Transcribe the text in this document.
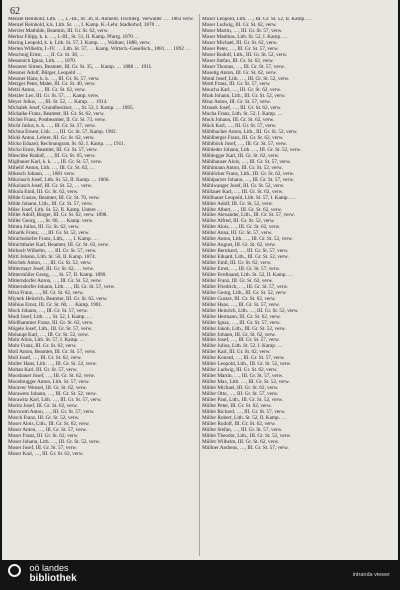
62
Menzel Reinhold, Lith. …, L.-III., St. 36, II. Anmeld. Tischlerg. Verwalter …. 1863 verw.
Menzel Reinhold, k.k. Lith. St. …, I. Kamp. K.-Lehr. Stadlerhof, 1870 …
Mercier Mathilde, Beamtin, III. Gr. St. 62, verw.
Merhar Filipp, k. k. …, I.-III., St. 51, II. Kamp. Pfarrg. 1870 …
Mering Leopold, k. k. Lith. St. 57, I. Kamp. …, Wallner, 1888, verw.
Merten Wilhelm, I.-IV. … Lith. St. 57, … Kamp. Wirtsch.-Gesellsch., 1881, … 1892 …
Meschnig Ernst, …, II. Gr. St. 38, …
Messenich Ignaz, Lith. …, 1870.
Messerer Simon, Beamter, III. Gr. St. 35, … Kamp. … 1888 … 1911.
Messner Adolf, Bürger, Leopold …
Messner Hans, k. k. …, III. Gr. St. 57, verw.
Metzger Peter, Maler, III. Gr. St. 40, verw.
Metzl Anton, …, III. Gr. St. 62, verw.
Metzler Leo, III. Gr. St. 57, … Kamp. verw.
Meyer Julius, …, III. St. 52, … Kamp. … 1914.
Michalek Josef, Grundbesitzer, …, St. 52, I. Kamp. … 1895.
Michalke Franz, Beamter, III. Gr. St. 62, verw.
Michel Franz, Postbeamter, II. Gr. St. 73, verw.
Michl Julius, k. k. …, III. Gr. St. 57, verw.
Michna Ernest, Lith. …, III. Gr. St. 57, Kamp. 1902.
Mickl Anton, Lehrer, III. Gr. St. 62, verw.
Micko Eduard, Rechnungsrat, St. 62, I. Kamp. …, 1911.
Micko Ernst, Beamter, III. Gr. St. 57, verw.
Mieschke Rudolf, …, III. Gr. St. 65, verw.
Miglbauer Karl, k. k. …, III. Gr. St. 57, verw.
Mihelič Anton, Lith. …, III. Gr. St. 62, …
Mikesch Johann, …, 1881 verw.
Mikolasch Josef, Lith. St. 52, II. Kamp. … 1866.
Mikolasch Josef, III. Gr. St. 52, … verw.
Mikula Emil, III. Gr. St. 62, verw.
Milde Gustav, Beamter, III. Gr. St. 70, verw.
Milde Johann, Lith., III. Gr. St. 57, verw.
Milec Josef, Lith. St. 52, II. Kamp. Untere …
Miller Adolf, Bürger, III. Gr. St. 62, verw. 1898.
Miller Georg, …, St. 60, … Kamp. verw.
Mimra Julius, III. Gr. St. 62, verw.
Minarik Franz, …, III. Gr. St. 52, verw.
Minichsdorfer Franz, Lith., …, I. Kamp. …
Minichthaler Karl, Beamter, III. Gr. St. 62, verw.
Mirbach Wilhelm, …, III. Gr. St. 57, verw.
Mirtl Johann, Lith. St. 50, II. Kamp. 1874.
Mischek Anton, …, III. Gr. St. 52, verw.
Mittermayr Josef, III. Gr. St. 62, … verw.
Mittermüller Georg, …, St. 57, II. Kamp. 1890.
Mitterndorfer Anton, …, III. Gr. St. 52, verw.
Mitterndorfer Johann, Lith. …, III. Gr. St. 57, verw.
Mixa Franz, …, III. Gr. St. 62, verw.
Mlynek Heinrich, Beamter, III. Gr. St. 62, verw.
Möbius Ernst, III. Gr. St. 60, … Kamp. 1901.
Mock Johann, …, III. Gr. St. 57, verw.
Modl Josef, Lith. …, St. 52, I. Kamp. …
Mödlhammer Franz, III. Gr. St. 62, verw.
Mögele Josef, Lith., III. Gr. St. 57, verw.
Mohaupt Karl, …, III. Gr. St. 52, verw.
Mohr Alois, Lith. St. 57, I. Kamp. …
Mohr Franz, III. Gr. St. 62, verw.
Moll Anton, Beamter, III. Gr. St. 57, verw.
Moll Josef, …, III. Gr. St. 62, verw.
Moller Hans, Lith. …, III. Gr. St. 52, verw.
Moltan Karl, III. Gr. St. 57, verw.
Moosbauer Josef, …, III. Gr. St. 62, verw.
Moosbrugger Anton, Lith. St. 57, verw.
Moravec Wenzel, III. Gr. St. 62, verw.
Morawetz Johann, …, III. Gr. St. 52, verw.
Morawitz Karl, Lith. …, III. Gr. St. 57, verw.
Moritz Josef, III. Gr. St. 62, verw.
Morocutti Anton, …, III. Gr. St. 57, verw.
Mosch Franz, III. Gr. St. 52, verw.
Moser Alois, Lith., III. Gr. St. 62, verw.
Moser Anton, …, III. Gr. St. 57, verw.
Moser Franz, III. Gr. St. 62, verw.
Moser Johann, Lith. …, III. Gr. St. 52, verw.
Moser Josef, III. Gr. St. 57, verw.
Moser Karl, …, III. Gr. St. 62, verw.
Moser Leopold, Lith. …, III. Gr. St. 52, II. Kamp. …
Moser Ludwig, III. Gr. St. 62, verw.
Moser Martin, …, III. Gr. St. 57, verw.
Moser Matthias, Lith. St. 52, I. Kamp. …
Moser Michael, III. Gr. St. 62, verw.
Moser Peter, …, III. Gr. St. 57, verw.
Moser Rudolf, Lith., III. Gr. St. 52, verw.
Moser Stefan, III. Gr. St. 62, verw.
Moser Thomas, …, III. Gr. St. 57, verw.
Mosetig Anton, III. Gr. St. 62, verw.
Motal Josef, Lith. …, III. Gr. St. 52, verw.
Mottl Franz, III. Gr. St. 57, verw.
Moucha Karl, …, III. Gr. St. 62, verw.
Mrak Johann, Lith., III. Gr. St. 52, verw.
Mraz Anton, III. Gr. St. 57, verw.
Mrazek Josef, …, III. Gr. St. 62, verw.
Mucha Franz, Lith. St. 52, I. Kamp. …
Muck Johann, III. Gr. St. 62, verw.
Mück Karl, …, III. Gr. St. 57, verw.
Mühlbacher Anton, Lith., III. Gr. St. 52, verw.
Mühlberger Franz, III. Gr. St. 62, verw.
Mühlböck Josef, …, III. Gr. St. 57, verw.
Mühleder Johann, Lith. …, III. Gr. St. 52, verw.
Mühlegger Karl, III. Gr. St. 62, verw.
Mühlhauser Alois, …, III. Gr. St. 57, verw.
Mühlmann Anton, III. Gr. St. 52, verw.
Mühlöcker Franz, Lith., III. Gr. St. 62, verw.
Mühlparzer Johann, …, III. Gr. St. 57, verw.
Mühlwanger Josef, III. Gr. St. 52, verw.
Müllauer Karl, …, III. Gr. St. 62, verw.
Müllbauer Leopold, Lith. St. 57, I. Kamp. …
Müller Adolf, III. Gr. St. 52, verw.
Müller Albert, …, III. Gr. St. 62, verw.
Müller Alexander, Lith., III. Gr. St. 57, verw.
Müller Alfred, III. Gr. St. 52, verw.
Müller Alois, …, III. Gr. St. 62, verw.
Müller Anna, III. Gr. St. 57, verw.
Müller Anton, Lith. …, III. Gr. St. 52, verw.
Müller August, III. Gr. St. 62, verw.
Müller Bernhard, …, III. Gr. St. 57, verw.
Müller Eduard, Lith., III. Gr. St. 52, verw.
Müller Emil, III. Gr. St. 62, verw.
Müller Ernst, …, III. Gr. St. 57, verw.
Müller Ferdinand, Lith. St. 52, II. Kamp. …
Müller Franz, III. Gr. St. 62, verw.
Müller Friedrich, …, III. Gr. St. 57, verw.
Müller Georg, Lith., III. Gr. St. 52, verw.
Müller Gustav, III. Gr. St. 62, verw.
Müller Hans, …, III. Gr. St. 57, verw.
Müller Heinrich, Lith. …, III. Gr. St. 52, verw.
Müller Hermann, III. Gr. St. 62, verw.
Müller Ignaz, …, III. Gr. St. 57, verw.
Müller Jakob, Lith., III. Gr. St. 52, verw.
Müller Johann, III. Gr. St. 62, verw.
Müller Josef, …, III. Gr. St. 57, verw.
Müller Julius, Lith. St. 52, I. Kamp. …
Müller Karl, III. Gr. St. 62, verw.
Müller Konrad, …, III. Gr. St. 57, verw.
Müller Leopold, Lith., III. Gr. St. 52, verw.
Müller Ludwig, III. Gr. St. 62, verw.
Müller Martin, …, III. Gr. St. 57, verw.
Müller Max, Lith. …, III. Gr. St. 52, verw.
Müller Michael, III. Gr. St. 62, verw.
Müller Otto, …, III. Gr. St. 57, verw.
Müller Paul, Lith., III. Gr. St. 52, verw.
Müller Peter, III. Gr. St. 62, verw.
Müller Richard, …, III. Gr. St. 57, verw.
Müller Robert, Lith. St. 52, II. Kamp. …
Müller Rudolf, III. Gr. St. 62, verw.
Müller Stefan, …, III. Gr. St. 57, verw.
Müller Theodor, Lith., III. Gr. St. 52, verw.
Müller Wilhelm, III. Gr. St. 62, verw.
Müllner Andreas, …, III. Gr. St. 57, verw.

oö landes
bibliothek	intranda viewer
